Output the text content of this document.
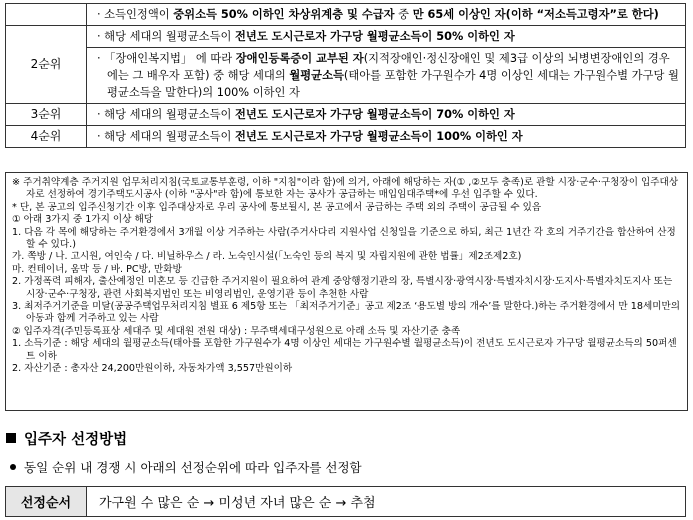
	· 소득인정액이 중위소득 50% 이하인 차상위계층 및 수급자 중 만 65세 이상인 자(이하 “저소득고령자”로 한다)

2순위	· 해당 세대의 월평균소득이 전년도 도시근로자 가구당 월평균소득이 50% 이하인 자

	· 「장애인복지법」 에 따라 장애인등록증이 교부된 자(지적장애인·정신장애인 및 제3급 이상의 뇌병변장애인의 경우에는 그 배우자 포함) 중 해당 세대의 월평균소득(태아를 포함한 가구원수가 4명 이상인 세대는 가구원수별 가구당 월평균소득을 말한다)의 100% 이하인 자

3순위	· 해당 세대의 월평균소득이 전년도 도시근로자 가구당 월평균소득이 70% 이하인 자

4순위	· 해당 세대의 월평균소득이 전년도 도시근로자 가구당 월평균소득이 100% 이하인 자

※ 주거취약계층 주거지원 업무처리지침(국토교통부훈령, 이하 "지침"이라 함)에 의거, 아래에 해당하는 자(① ,②모두 충족)로 관할 시장·군수·구청장이 입주대상자로 선정하여 경기주택도시공사 (이하 "공사"라 함)에 통보한 자는 공사가 공급하는 매입임대주택*에 우선 입주할 수 있다.

* 단, 본 공고의 입주신청기간 이후 입주대상자로 우리 공사에 통보될시, 본 공고에서 공급하는 주택 외의 주택이 공급될 수 있음

① 아래 3가지 중 1가지 이상 해당

1. 다음 각 목에 해당하는 주거환경에서 3개월 이상 거주하는 사람(주거사다리 지원사업 신청일을 기준으로 하되, 최근 1년간 각 호의 거주기간을 합산하여 산정할 수 있다.)

가. 쪽방 / 나. 고시원, 여인숙 / 다. 비닐하우스 / 라. 노숙인시설(「노숙인 등의 복지 및 자립지원에 관한 법률」제2조제2호)

마. 컨테이너, 움막 등 / 바. PC방, 만화방

2. 가정폭력 피해자, 출산예정인 미혼모 등 긴급한 주거지원이 필요하여 관계 중앙행정기관의 장, 특별시장·광역시장·특별자치시장·도지사·특별자치도지사 또는 시장·군수·구청장, 관련 사회복지법인 또는 비영리법인, 운영기관 등이 추천한 사람

3. 최저주거기준을 미달(공공주택업무처리지침 별표 6 제5항 또는 「최저주거기준」공고 제2조 ‘용도별 방의 개수’를 말한다.)하는 주거환경에서 만 18세미만의 아동과 함께 거주하고 있는 사람

② 입주자격(주민등록표상 세대주 및 세대원 전원 대상) : 무주택세대구성원으로 아래 소득 및 자산기준 충족

1. 소득기준 : 해당 세대의 월평균소득(태아를 포함한 가구원수가 4명 이상인 세대는 가구원수별 월평균소득)이 전년도 도시근로자 가구당 월평균소득의 50퍼센트 이하

2. 자산기준 : 총자산 24,200만원이하, 자동차가액 3,557만원이하

입주자 선정방법
동일 순위 내 경쟁 시 아래의 선정순위에 따라 입주자를 선정함
선정순서	가구원 수 많은 순 → 미성년 자녀 많은 순 → 추첨
